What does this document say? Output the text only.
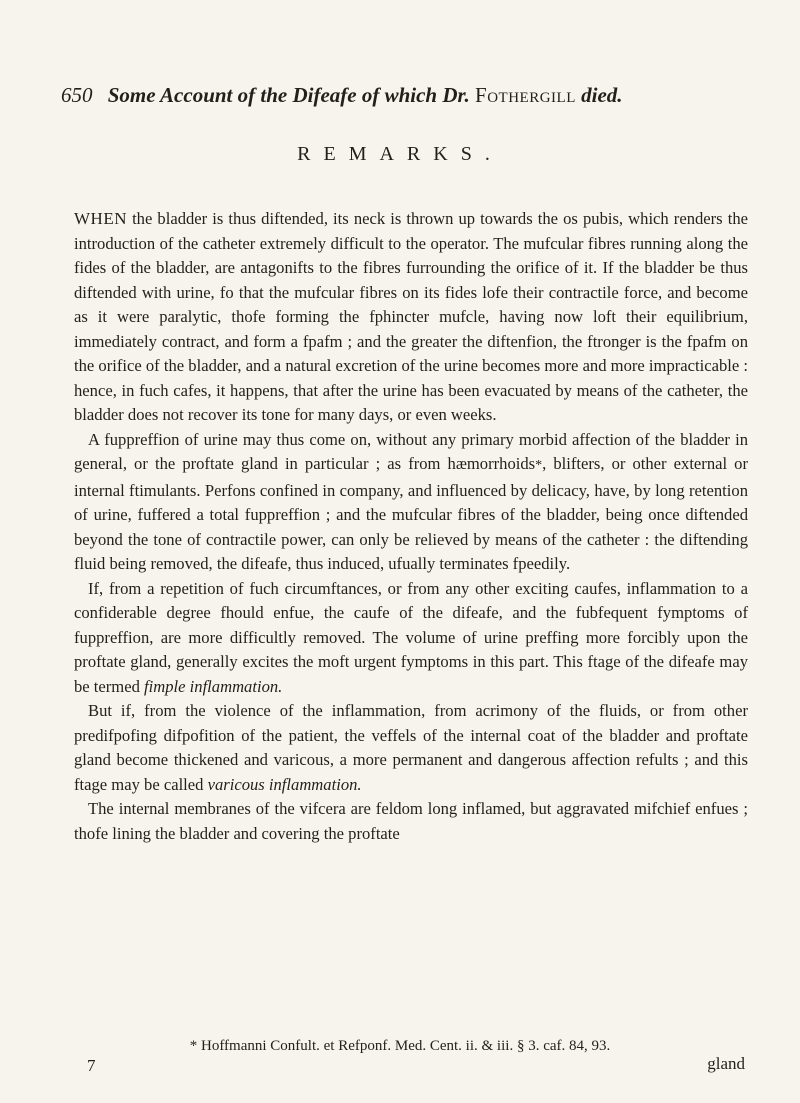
650 Some Account of the Difeafe of which Dr. Fothergill died.
REMARKS.

WHEN the bladder is thus diftended, its neck is thrown up towards the os pubis, which renders the introduction of the catheter extremely difficult to the operator. The mufcular fibres running along the fides of the bladder, are antagonifts to the fibres furrounding the orifice of it. If the bladder be thus diftended with urine, fo that the mufcular fibres on its fides lofe their contractile force, and become as it were paralytic, thofe forming the fphincter mufcle, having now loft their equilibrium, immediately contract, and form a fpafm ; and the greater the diftenfion, the ftronger is the fpafm on the orifice of the bladder, and a natural excretion of the urine becomes more and more impracticable : hence, in fuch cafes, it happens, that after the urine has been evacuated by means of the catheter, the bladder does not recover its tone for many days, or even weeks.

A fuppreffion of urine may thus come on, without any primary morbid affection of the bladder in general, or the proftate gland in particular ; as from hæmorrhoids*, blifters, or other external or internal ftimulants. Perfons confined in company, and influenced by delicacy, have, by long retention of urine, fuffered a total fuppreffion ; and the mufcular fibres of the bladder, being once diftended beyond the tone of contractile power, can only be relieved by means of the catheter : the diftending fluid being removed, the difeafe, thus induced, ufually terminates fpeedily.

If, from a repetition of fuch circumftances, or from any other exciting caufes, inflammation to a confiderable degree fhould enfue, the caufe of the difeafe, and the fubfequent fymptoms of fuppreffion, are more difficultly removed. The volume of urine preffing more forcibly upon the proftate gland, generally excites the moft urgent fymptoms in this part. This ftage of the difeafe may be termed fimple inflammation.

But if, from the violence of the inflammation, from acrimony of the fluids, or from other predifpofing difpofition of the patient, the veffels of the internal coat of the bladder and proftate gland become thickened and varicous, a more permanent and dangerous affection refults ; and this ftage may be called varicous inflammation.

The internal membranes of the vifcera are feldom long inflamed, but aggravated mifchief enfues ; thofe lining the bladder and covering the proftate

* Hoffmanni Confult. et Refponf. Med. Cent. ii. & iii. § 3. caf. 84, 93.
7	gland
